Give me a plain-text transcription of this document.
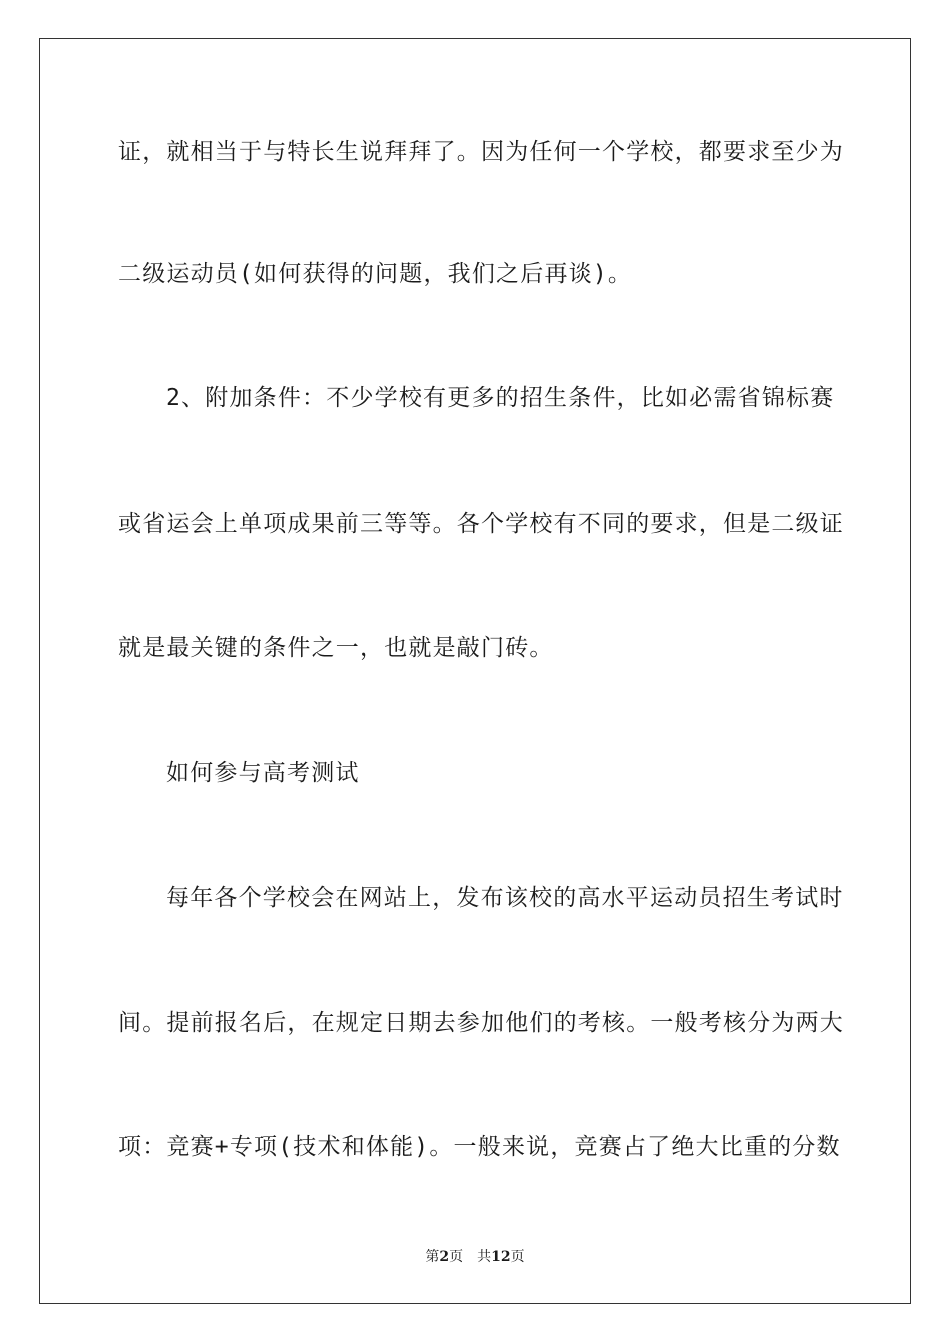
证，就相当于与特长生说拜拜了。因为任何一个学校，都要求至少为
二级运动员(如何获得的问题，我们之后再谈)。
2、附加条件：不少学校有更多的招生条件，比如必需省锦标赛
或省运会上单项成果前三等等。各个学校有不同的要求，但是二级证
就是最关键的条件之一，也就是敲门砖。
如何参与高考测试
每年各个学校会在网站上，发布该校的高水平运动员招生考试时
间。提前报名后，在规定日期去参加他们的考核。一般考核分为两大
项：竞赛+专项(技术和体能)。一般来说，竞赛占了绝大比重的分数
第2页 共12页
